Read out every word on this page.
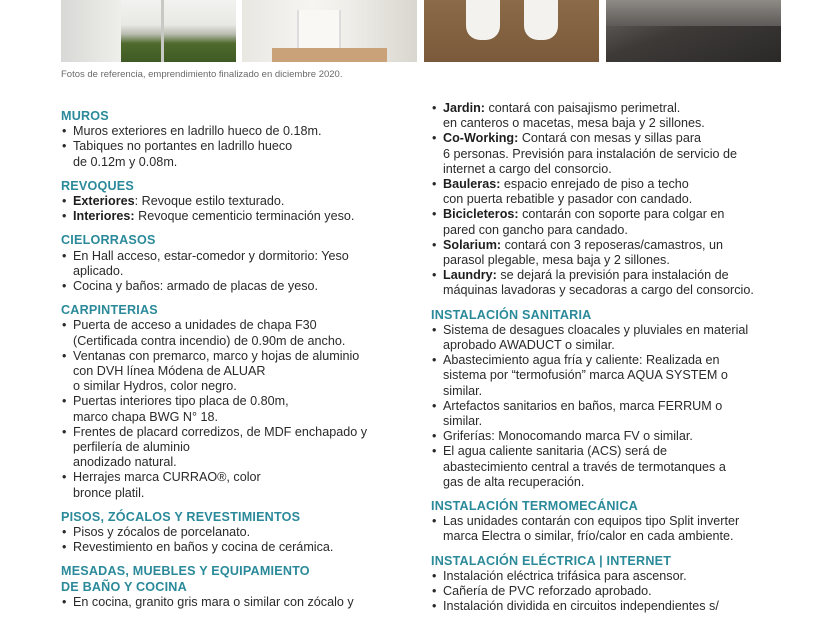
Fotos de referencia, emprendimiento finalizado en diciembre 2020.
MUROS
• Muros exteriores en ladrillo hueco de 0.18m.
• Tabiques no portantes en ladrillo hueco
de 0.12m y 0.08m.
REVOQUES
• Exteriores: Revoque estilo texturado.
• Interiores: Revoque cementicio terminación yeso.
CIELORRASOS
• En Hall acceso, estar-comedor y dormitorio: Yeso
aplicado.
• Cocina y baños: armado de placas de yeso.
CARPINTERIAS
• Puerta de acceso a unidades de chapa F30
(Certificada contra incendio) de 0.90m de ancho.
• Ventanas con premarco, marco y hojas de aluminio
con DVH línea Módena de ALUAR
o similar Hydros, color negro.
• Puertas interiores tipo placa de 0.80m,
marco chapa BWG N° 18.
• Frentes de placard corredizos, de MDF enchapado y
perfilería de aluminio
anodizado natural.
• Herrajes marca CURRAO®, color
bronce platil.
PISOS, ZÓCALOS Y REVESTIMIENTOS
• Pisos y zócalos de porcelanato.
• Revestimiento en baños y cocina de cerámica.
MESADAS, MUEBLES Y EQUIPAMIENTO
DE BAÑO Y COCINA
• En cocina, granito gris mara o similar con zócalo y
• Jardin: contará con paisajismo perimetral.
en canteros o macetas, mesa baja y 2 sillones.
• Co-Working: Contará con mesas y sillas para
6 personas. Previsión para instalación de servicio de
internet a cargo del consorcio.
• Bauleras: espacio enrejado de piso a techo
con puerta rebatible y pasador con candado.
• Bicicleteros: contarán con soporte para colgar en
pared con gancho para candado.
• Solarium: contará con 3 reposeras/camastros, un
parasol plegable, mesa baja y 2 sillones.
• Laundry: se dejará la previsión para instalación de
máquinas lavadoras y secadoras a cargo del consorcio.
INSTALACIÓN SANITARIA
• Sistema de desagues cloacales y pluviales en material
aprobado AWADUCT o similar.
• Abastecimiento agua fría y caliente: Realizada en
sistema por “termofusión” marca AQUA SYSTEM o
similar.
• Artefactos sanitarios en baños, marca FERRUM o
similar.
• Griferías: Monocomando marca FV o similar.
• El agua caliente sanitaria (ACS) será de
abastecimiento central a través de termotanques a
gas de alta recuperación.
INSTALACIÓN TERMOMECÁNICA
• Las unidades contarán con equipos tipo Split inverter
marca Electra o similar, frío/calor en cada ambiente.
INSTALACIÓN ELÉCTRICA | INTERNET
• Instalación eléctrica trifásica para ascensor.
• Cañería de PVC reforzado aprobado.
• Instalación dividida en circuitos independientes s/
